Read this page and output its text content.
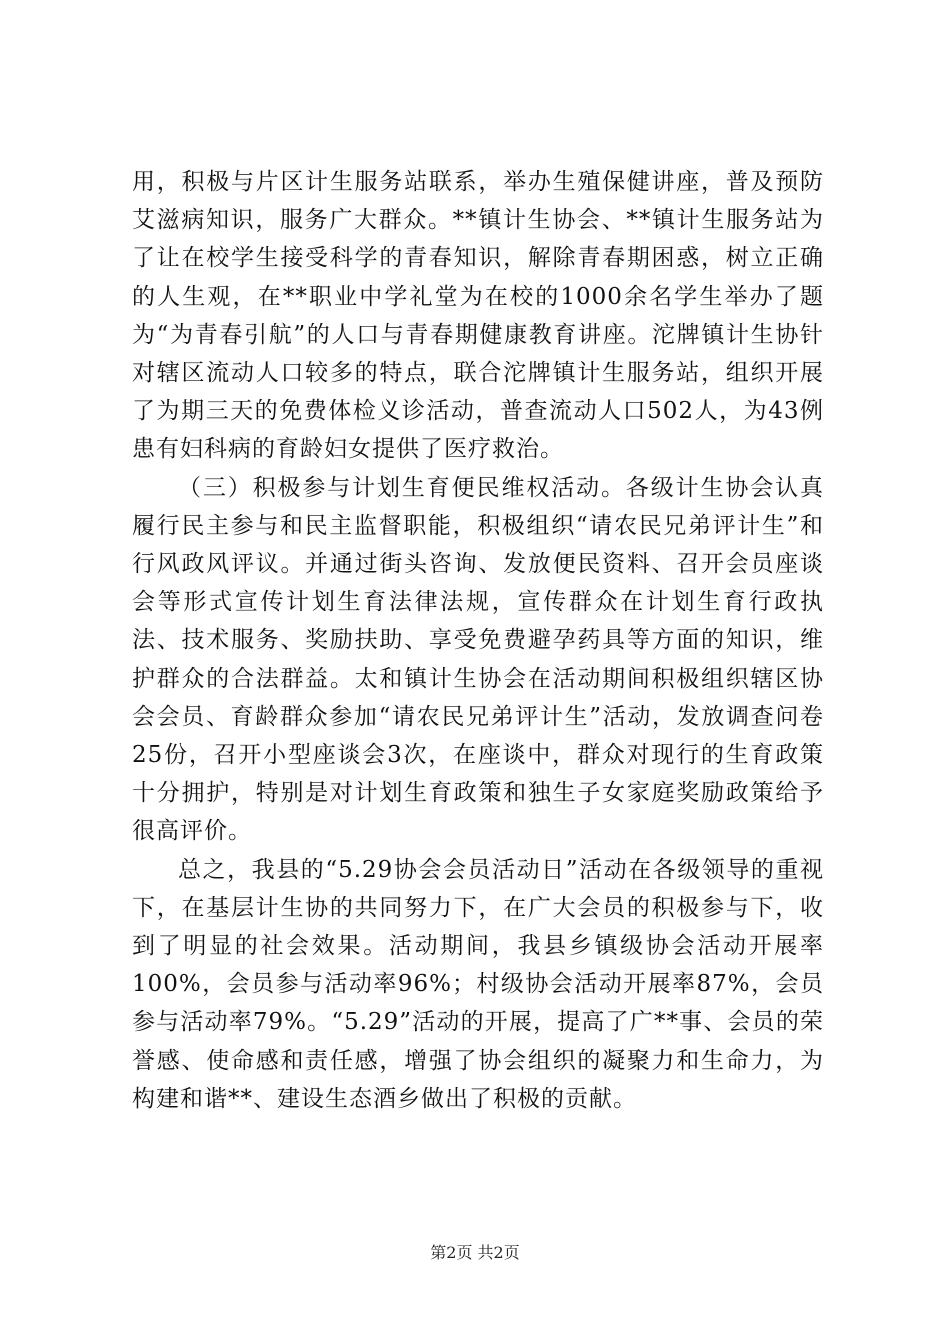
用，积极与片区计生服务站联系，举办生殖保健讲座，普及预防艾滋病知识，服务广大群众。**镇计生协会、**镇计生服务站为了让在校学生接受科学的青春知识，解除青春期困惑，树立正确的人生观，在**职业中学礼堂为在校的1000余名学生举办了题为“为青春引航”的人口与青春期健康教育讲座。沱牌镇计生协针对辖区流动人口较多的特点，联合沱牌镇计生服务站，组织开展了为期三天的免费体检义诊活动，普查流动人口502人，为43例患有妇科病的育龄妇女提供了医疗救治。

（三）积极参与计划生育便民维权活动。各级计生协会认真履行民主参与和民主监督职能，积极组织“请农民兄弟评计生”和行风政风评议。并通过街头咨询、发放便民资料、召开会员座谈会等形式宣传计划生育法律法规，宣传群众在计划生育行政执法、技术服务、奖励扶助、享受免费避孕药具等方面的知识，维护群众的合法群益。太和镇计生协会在活动期间积极组织辖区协会会员、育龄群众参加“请农民兄弟评计生”活动，发放调查问卷25份，召开小型座谈会3次，在座谈中，群众对现行的生育政策十分拥护，特别是对计划生育政策和独生子女家庭奖励政策给予很高评价。

总之，我县的“5.29协会会员活动日”活动在各级领导的重视下，在基层计生协的共同努力下，在广大会员的积极参与下，收到了明显的社会效果。活动期间，我县乡镇级协会活动开展率100%，会员参与活动率96%；村级协会活动开展率87%，会员参与活动率79%。“5.29”活动的开展，提高了广**事、会员的荣誉感、使命感和责任感，增强了协会组织的凝聚力和生命力，为构建和谐**、建设生态酒乡做出了积极的贡献。

第2页 共2页
